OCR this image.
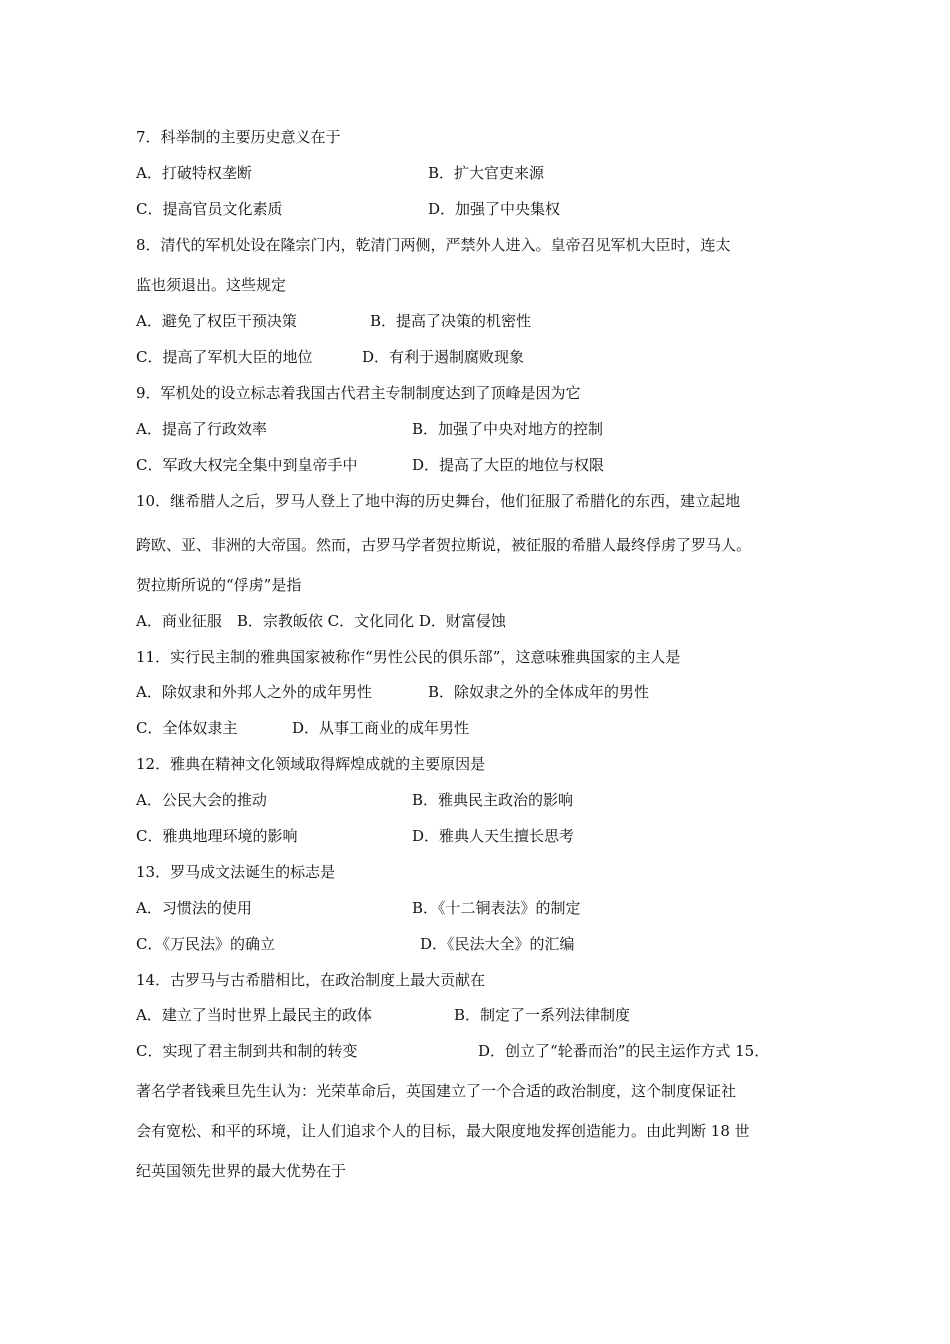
7．科举制的主要历史意义在于
A．打破特权垄断	B．扩大官吏来源
C．提高官员文化素质	D．加强了中央集权
8．清代的军机处设在隆宗门内，乾清门两侧，严禁外人进入。皇帝召见军机大臣时，连太
监也须退出。这些规定
A．避免了权臣干预决策	B．提高了决策的机密性
C．提高了军机大臣的地位	D．有利于遏制腐败现象
9．军机处的设立标志着我国古代君主专制制度达到了顶峰是因为它
A．提高了行政效率	B．加强了中央对地方的控制
C．军政大权完全集中到皇帝手中	D．提高了大臣的地位与权限
10．继希腊人之后，罗马人登上了地中海的历史舞台，他们征服了希腊化的东西，建立起地
跨欧、亚、非洲的大帝国。然而，古罗马学者贺拉斯说，被征服的希腊人最终俘虏了罗马人。
贺拉斯所说的“俘虏”是指
A．商业征服　B．宗教皈依 C．文化同化 D．财富侵蚀
11．实行民主制的雅典国家被称作“男性公民的俱乐部”，这意味雅典国家的主人是
A．除奴隶和外邦人之外的成年男性	B．除奴隶之外的全体成年的男性
C．全体奴隶主	D．从事工商业的成年男性
12．雅典在精神文化领域取得辉煌成就的主要原因是
A．公民大会的推动	B．雅典民主政治的影响
C．雅典地理环境的影响	D．雅典人天生擅长思考
13．罗马成文法诞生的标志是
A．习惯法的使用	B．《十二铜表法》的制定
C．《万民法》的确立	D．《民法大全》的汇编
14．古罗马与古希腊相比，在政治制度上最大贡献在
A．建立了当时世界上最民主的政体	B．制定了一系列法律制度
C．实现了君主制到共和制的转变	D．创立了“轮番而治”的民主运作方式 15．
著名学者钱乘旦先生认为：光荣革命后，英国建立了一个合适的政治制度，这个制度保证社
会有宽松、和平的环境，让人们追求个人的目标，最大限度地发挥创造能力。由此判断 18 世
纪英国领先世界的最大优势在于
